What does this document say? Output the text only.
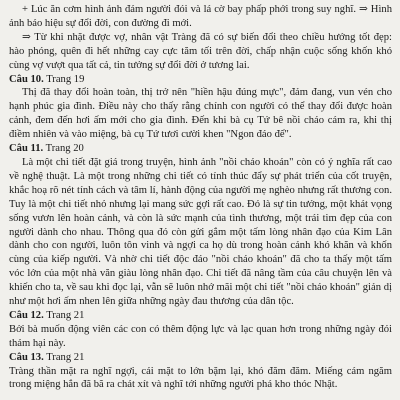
+ Lúc ăn cơm hình ảnh đám người đói và lá cờ bay phấp phới trong suy nghĩ. ⇒ Hình ảnh báo hiệu sự đổi đời, con đường đi mới.

⇒ Từ khi nhặt được vợ, nhân vật Tràng đã có sự biến đổi theo chiều hướng tốt đẹp: hào phóng, quên đi hết những cay cực tăm tối trên đời, chấp nhận cuộc sống khốn khó cùng vợ vượt qua tất cả, tin tưởng sự đổi đời ở tương lai.

Câu 10. Trang 19

Thị đã thay đổi hoàn toàn, thị trở nên "hiền hậu đúng mực", đảm đang, vun vén cho hạnh phúc gia đình. Điều này cho thấy rằng chính con người có thể thay đổi được hoàn cảnh, đem đến hơi ấm mới cho gia đình. Đến khi bà cụ Tứ bê nồi cháo cám ra, khi thị điềm nhiên và vào miệng, bà cụ Tứ tươi cười khen "Ngon đáo để".

Câu 11. Trang 20

Là một chi tiết đặt giá trong truyện, hình ảnh "nồi cháo khoán" còn có ý nghĩa rất cao về nghệ thuật. Là một trong những chi tiết có tính thúc đẩy sự phát triển của cốt truyện, khắc hoạ rõ nét tính cách và tâm lí, hành động của người mẹ nghèo nhưng rất thương con. Tuy là một chi tiết nhỏ nhưng lại mang sức gợi rất cao. Đó là sự tin tưởng, một khát vọng sống vươn lên hoàn cảnh, và còn là sức mạnh của tình thương, một trái tim đẹp của con người dành cho nhau. Thông qua đó còn gửi gắm một tấm lòng nhân đạo của Kim Lân dành cho con người, luôn tôn vinh và ngợi ca họ dù trong hoàn cảnh khó khăn và khốn cùng của kiếp người. Và nhờ chi tiết độc đáo "nồi cháo khoán" đã cho ta thấy một tấm vóc lớn của một nhà văn giàu lòng nhân đạo. Chi tiết đã nâng tầm của câu chuyện lên và khiến cho ta, về sau khi đọc lại, vẫn sẽ luôn nhớ mãi một chi tiết "nồi cháo khoán" giản dị như một hơi ấm nhen lên giữa những ngày đau thương của dân tộc.

Câu 12. Trang 21

Bởi bà muốn động viên các con có thêm động lực và lạc quan hơn trong những ngày đói thảm hại này.

Câu 13. Trang 21

Tràng thần mặt ra nghĩ ngợi, cái mặt to lớn bặm lại, khó đăm đăm. Miếng cám ngăm trong miệng hắn đã bã ra chát xít và nghĩ tới những người phá kho thóc Nhật.
